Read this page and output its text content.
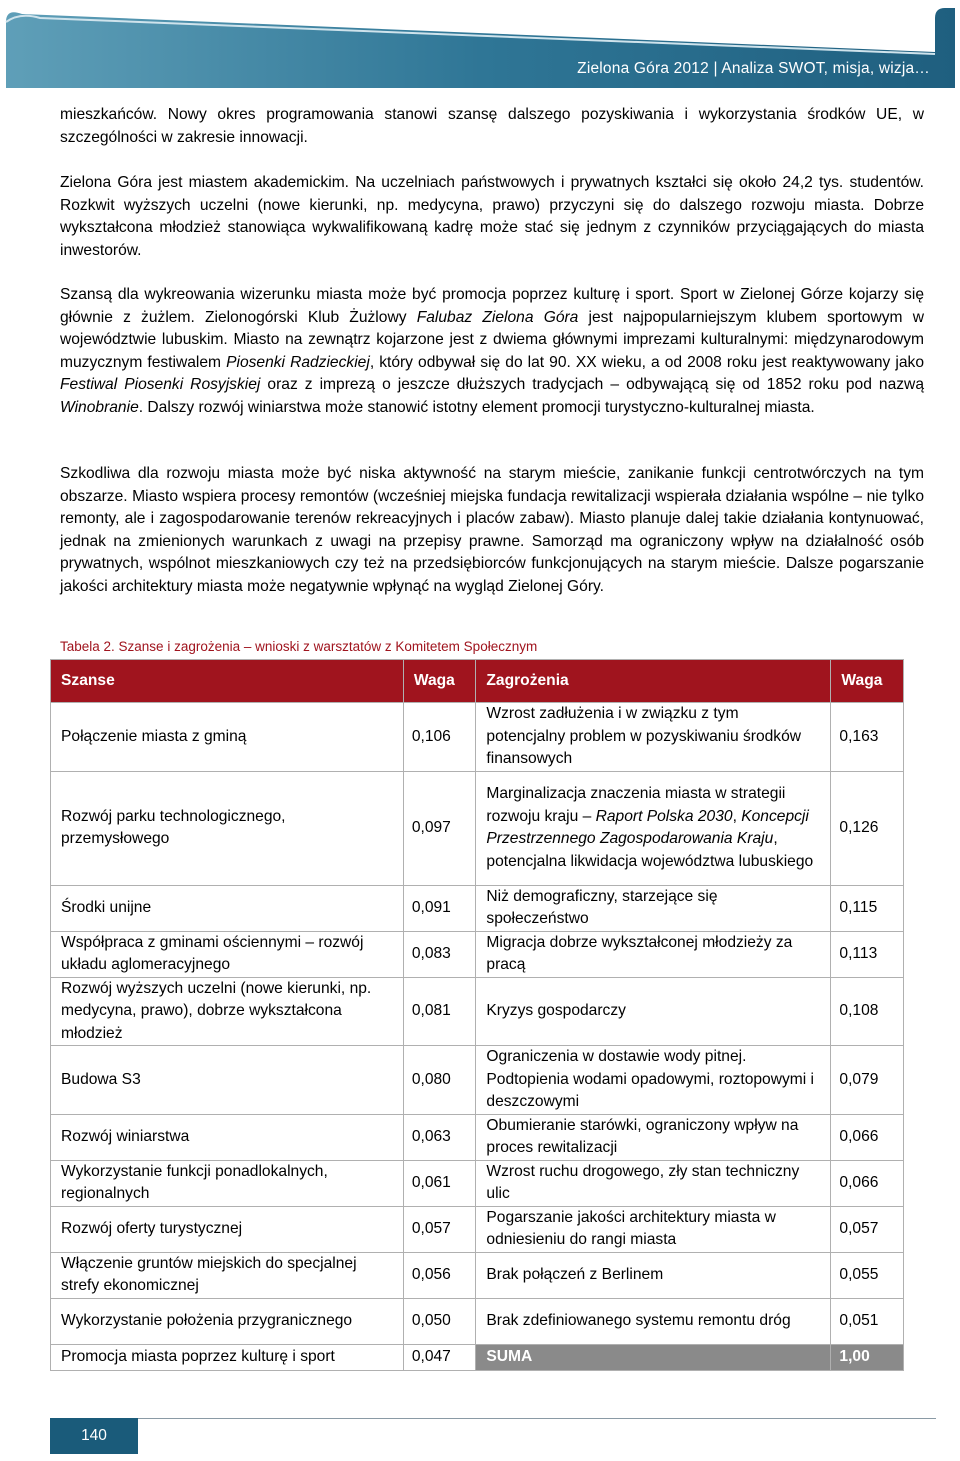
Zielona Góra 2012 | Analiza SWOT, misja, wizja…

mieszkańców. Nowy okres programowania stanowi szansę dalszego pozyskiwania i wykorzystania środków UE, w szczególności w zakresie innowacji.

Zielona Góra jest miastem akademickim. Na uczelniach państwowych i prywatnych kształci się około 24,2 tys. studentów. Rozkwit wyższych uczelni (nowe kierunki, np. medycyna, prawo) przyczyni się do dalszego rozwoju miasta. Dobrze wykształcona młodzież stanowiąca wykwalifikowaną kadrę może stać się jednym z czynników przyciągających do miasta inwestorów.

Szansą dla wykreowania wizerunku miasta może być promocja poprzez kulturę i sport. Sport w Zielonej Górze kojarzy się głównie z żużlem. Zielonogórski Klub Żużlowy Falubaz Zielona Góra jest najpopularniejszym klubem sportowym w województwie lubuskim. Miasto na zewnątrz kojarzone jest z dwiema głównymi imprezami kulturalnymi: międzynarodowym muzycznym festiwalem Piosenki Radzieckiej, który odbywał się do lat 90. XX wieku, a od 2008 roku jest reaktywowany jako Festiwal Piosenki Rosyjskiej oraz z imprezą o jeszcze dłuższych tradycjach – odbywającą się od 1852 roku pod nazwą Winobranie. Dalszy rozwój winiarstwa może stanowić istotny element promocji turystyczno-kulturalnej miasta.

Szkodliwa dla rozwoju miasta może być niska aktywność na starym mieście, zanikanie funkcji centrotwórczych na tym obszarze. Miasto wspiera procesy remontów (wcześniej miejska fundacja rewitalizacji wspierała działania wspólne – nie tylko remonty, ale i zagospodarowanie terenów rekreacyjnych i placów zabaw). Miasto planuje dalej takie działania kontynuować, jednak na zmienionych warunkach z uwagi na przepisy prawne. Samorząd ma ograniczony wpływ na działalność osób prywatnych, wspólnot mieszkaniowych czy też na przedsiębiorców funkcjonujących na starym mieście. Dalsze pogarszanie jakości architektury miasta może negatywnie wpłynąć na wygląd Zielonej Góry.

Tabela 2. Szanse i zagrożenia – wnioski z warsztatów z Komitetem Społecznym
Szanse	Waga	Zagrożenia	Waga
Połączenie miasta z gminą	0,106	Wzrost zadłużenia i w związku z tym potencjalny problem w pozyskiwaniu środków finansowych	0,163
Rozwój parku technologicznego, przemysłowego	0,097	Marginalizacja znaczenia miasta w strategii rozwoju kraju – Raport Polska 2030, Koncepcji Przestrzennego Zagospodarowania Kraju, potencjalna likwidacja województwa lubuskiego	0,126
Środki unijne	0,091	Niż demograficzny, starzejące się społeczeństwo	0,115
Współpraca z gminami ościennymi – rozwój układu aglomeracyjnego	0,083	Migracja dobrze wykształconej młodzieży za pracą	0,113
Rozwój wyższych uczelni (nowe kierunki, np. medycyna, prawo), dobrze wykształcona młodzież	0,081	Kryzys gospodarczy	0,108
Budowa S3	0,080	Ograniczenia w dostawie wody pitnej. Podtopienia wodami opadowymi, roztopowymi i deszczowymi	0,079
Rozwój winiarstwa	0,063	Obumieranie starówki, ograniczony wpływ na proces rewitalizacji	0,066
Wykorzystanie funkcji ponadlokalnych, regionalnych	0,061	Wzrost ruchu drogowego, zły stan techniczny ulic	0,066
Rozwój oferty turystycznej	0,057	Pogarszanie jakości architektury miasta w odniesieniu do rangi miasta	0,057
Włączenie gruntów miejskich do specjalnej strefy ekonomicznej	0,056	Brak połączeń z Berlinem	0,055
Wykorzystanie położenia przygranicznego	0,050	Brak zdefiniowanego systemu remontu dróg	0,051
Promocja miasta poprzez kulturę i sport	0,047	SUMA	1,00
140
